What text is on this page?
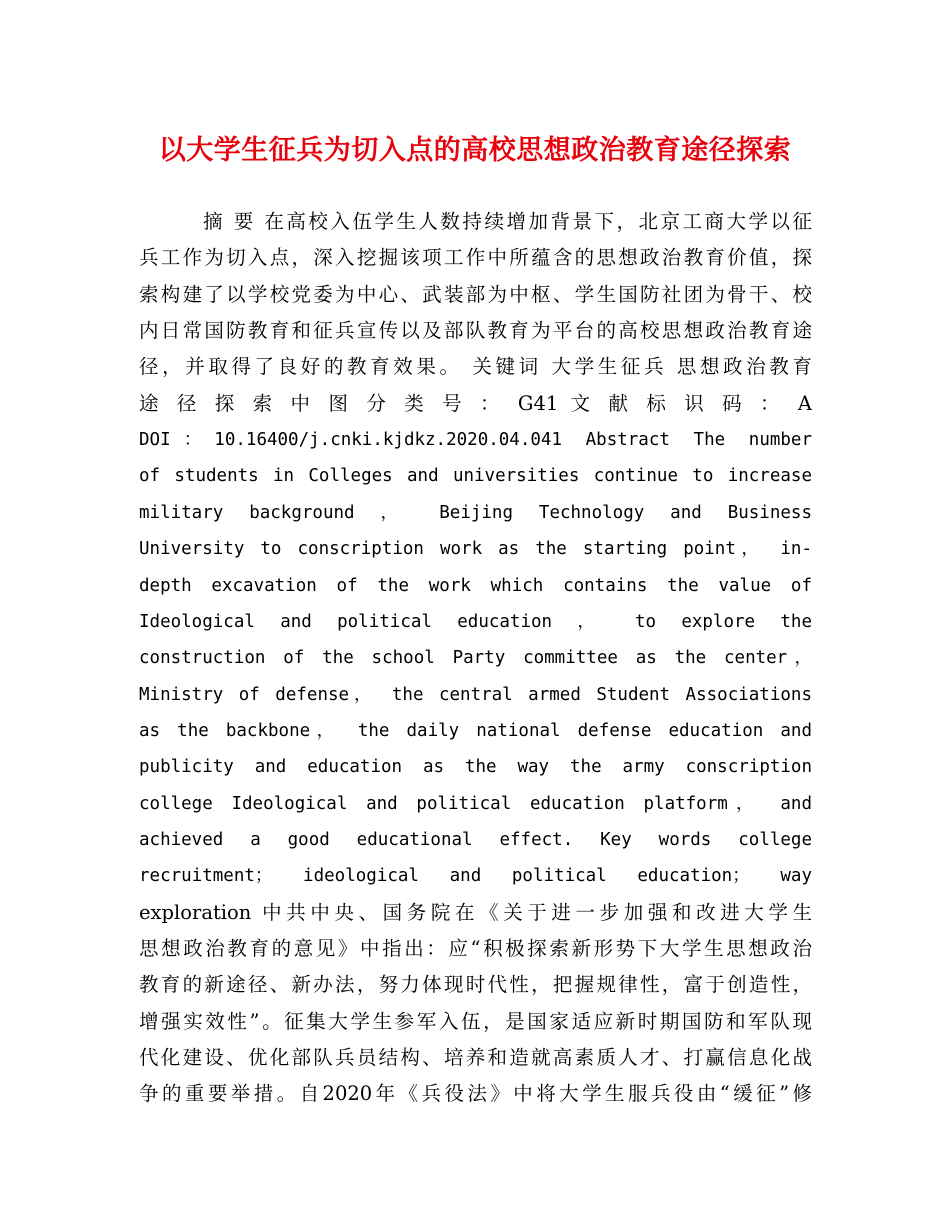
以大学生征兵为切入点的高校思想政治教育途径探索
摘 要 在高校入伍学生人数持续增加背景下，北京工商大学以征
兵工作为切入点，深入挖掘该项工作中所蕴含的思想政治教育价值，探
索构建了以学校党委为中心、武装部为中枢、学生国防社团为骨干、校
内日常国防教育和征兵宣传以及部队教育为平台的高校思想政治教育途
径，并取得了良好的教育效果。 关键词 大学生征兵 思想政治教育
途 径 探 索 中 图 分 类 号 ： G41 文 献 标 识 码 ： A
DOI：10.16400/j.cnki.kjdkz.2020.04.041 Abstract The number
of students in Colleges and universities continue to increase
military background ， Beijing Technology and Business
University to conscription work as the starting point， in-
depth excavation of the work which contains the value of
Ideological and political education ， to explore the
construction of the school Party committee as the center，
Ministry of defense， the central armed Student Associations
as the backbone， the daily national defense education and
publicity and education as the way the army conscription
college Ideological and political education platform， and
achieved a good educational effect. Key words college
recruitment； ideological and political education； way
exploration 中共中央、国务院在《关于进一步加强和改进大学生
思想政治教育的意见》中指出：应“积极探索新形势下大学生思想政治
教育的新途径、新办法，努力体现时代性，把握规律性，富于创造性，
增强实效性”。征集大学生参军入伍，是国家适应新时期国防和军队现
代化建设、优化部队兵员结构、培养和造就高素质人才、打赢信息化战
争的重要举措。自2020年《兵役法》中将大学生服兵役由“缓征”修
